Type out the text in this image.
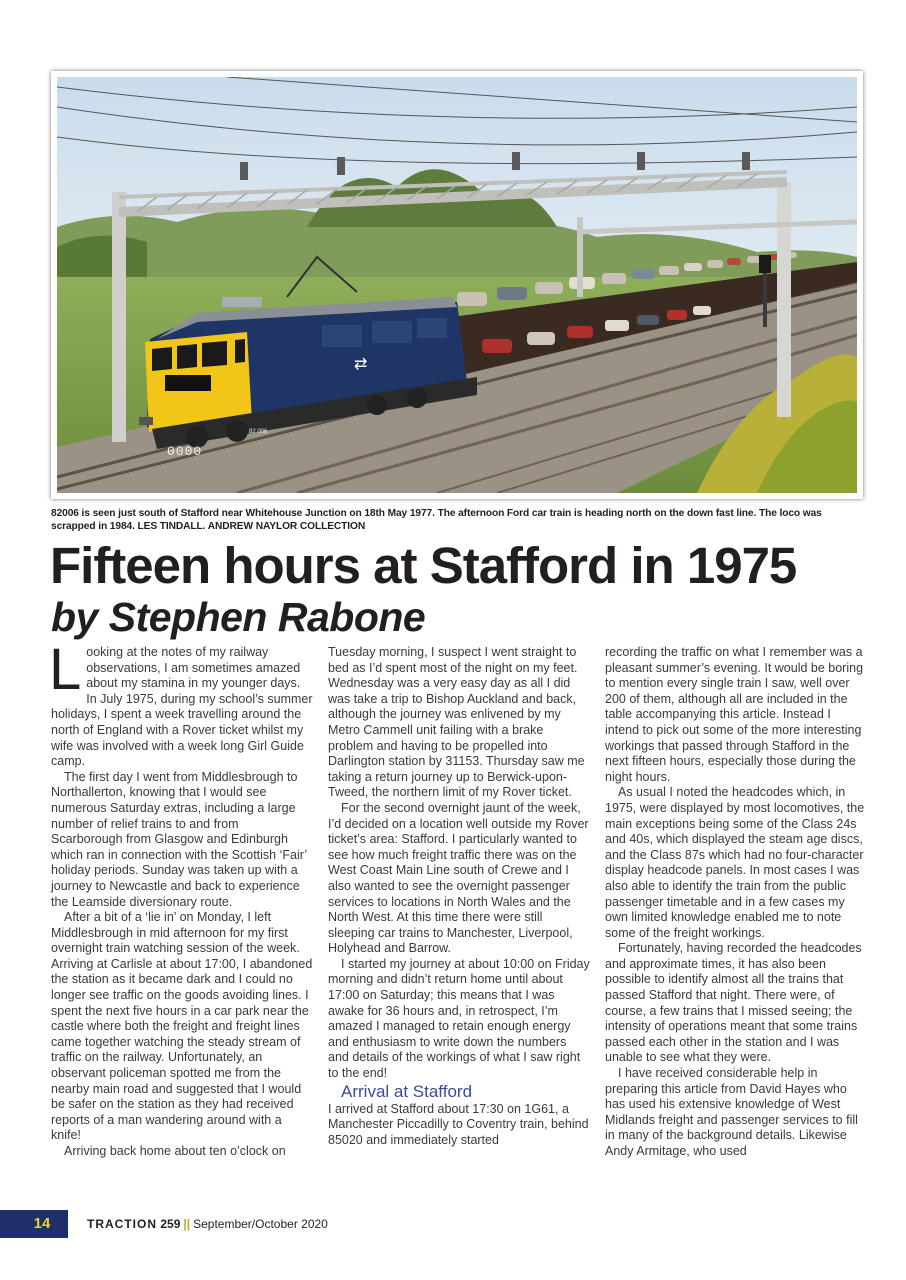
⇄
0000
82 006
82006 is seen just south of Stafford near Whitehouse Junction on 18th May 1977. The afternoon Ford car train is heading north on the down fast line. The loco was scrapped in 1984. LES TINDALL. ANDREW NAYLOR COLLECTION
Fifteen hours at Stafford in 1975
by Stephen Rabone

Looking at the notes of my railway observations, I am sometimes amazed about my stamina in my younger days. In July 1975, during my school’s summer holidays, I spent a week travelling around the north of England with a Rover ticket whilst my wife was involved with a week long Girl Guide camp.

The first day I went from Middlesbrough to Northallerton, knowing that I would see numerous Saturday extras, including a large number of relief trains to and from Scarborough from Glasgow and Edinburgh which ran in connection with the Scottish ‘Fair’ holiday periods. Sunday was taken up with a journey to Newcastle and back to experience the Leamside diversionary route.

After a bit of a ‘lie in’ on Monday, I left Middlesbrough in mid afternoon for my first overnight train watching session of the week. Arriving at Carlisle at about 17:00, I abandoned the station as it became dark and I could no longer see traffic on the goods avoiding lines. I spent the next five hours in a car park near the castle where both the freight and freight lines came together watching the steady stream of traffic on the railway. Unfortunately, an observant policeman spotted me from the nearby main road and suggested that I would be safer on the station as they had received reports of a man wandering around with a knife!

Arriving back home about ten o’clock on

Tuesday morning, I suspect I went straight to bed as I’d spent most of the night on my feet. Wednesday was a very easy day as all I did was take a trip to Bishop Auckland and back, although the journey was enlivened by my Metro Cammell unit failing with a brake problem and having to be propelled into Darlington station by 31153. Thursday saw me taking a return journey up to Berwick-upon-Tweed, the northern limit of my Rover ticket.

For the second overnight jaunt of the week, I’d decided on a location well outside my Rover ticket’s area: Stafford. I particularly wanted to see how much freight traffic there was on the West Coast Main Line south of Crewe and I also wanted to see the overnight passenger services to locations in North Wales and the North West. At this time there were still sleeping car trains to Manchester, Liverpool, Holyhead and Barrow.

I started my journey at about 10:00 on Friday morning and didn’t return home until about 17:00 on Saturday; this means that I was awake for 36 hours and, in retrospect, I’m amazed I managed to retain enough energy and enthusiasm to write down the numbers and details of the workings of what I saw right to the end!

Arrival at Stafford

I arrived at Stafford about 17:30 on 1G61, a Manchester Piccadilly to Coventry train, behind 85020 and immediately started

recording the traffic on what I remember was a pleasant summer’s evening. It would be boring to mention every single train I saw, well over 200 of them, although all are included in the table accompanying this article. Instead I intend to pick out some of the more interesting workings that passed through Stafford in the next fifteen hours, especially those during the night hours.

As usual I noted the headcodes which, in 1975, were displayed by most locomotives, the main exceptions being some of the Class 24s and 40s, which displayed the steam age discs, and the Class 87s which had no four-character display headcode panels. In most cases I was also able to identify the train from the public passenger timetable and in a few cases my own limited knowledge enabled me to note some of the freight workings.

Fortunately, having recorded the headcodes and approximate times, it has also been possible to identify almost all the trains that passed Stafford that night. There were, of course, a few trains that I missed seeing; the intensity of operations meant that some trains passed each other in the station and I was unable to see what they were.

I have received considerable help in preparing this article from David Hayes who has used his extensive knowledge of West Midlands freight and passenger services to fill in many of the background details. Likewise Andy Armitage, who used

14	TRACTION 259 || September/October 2020
